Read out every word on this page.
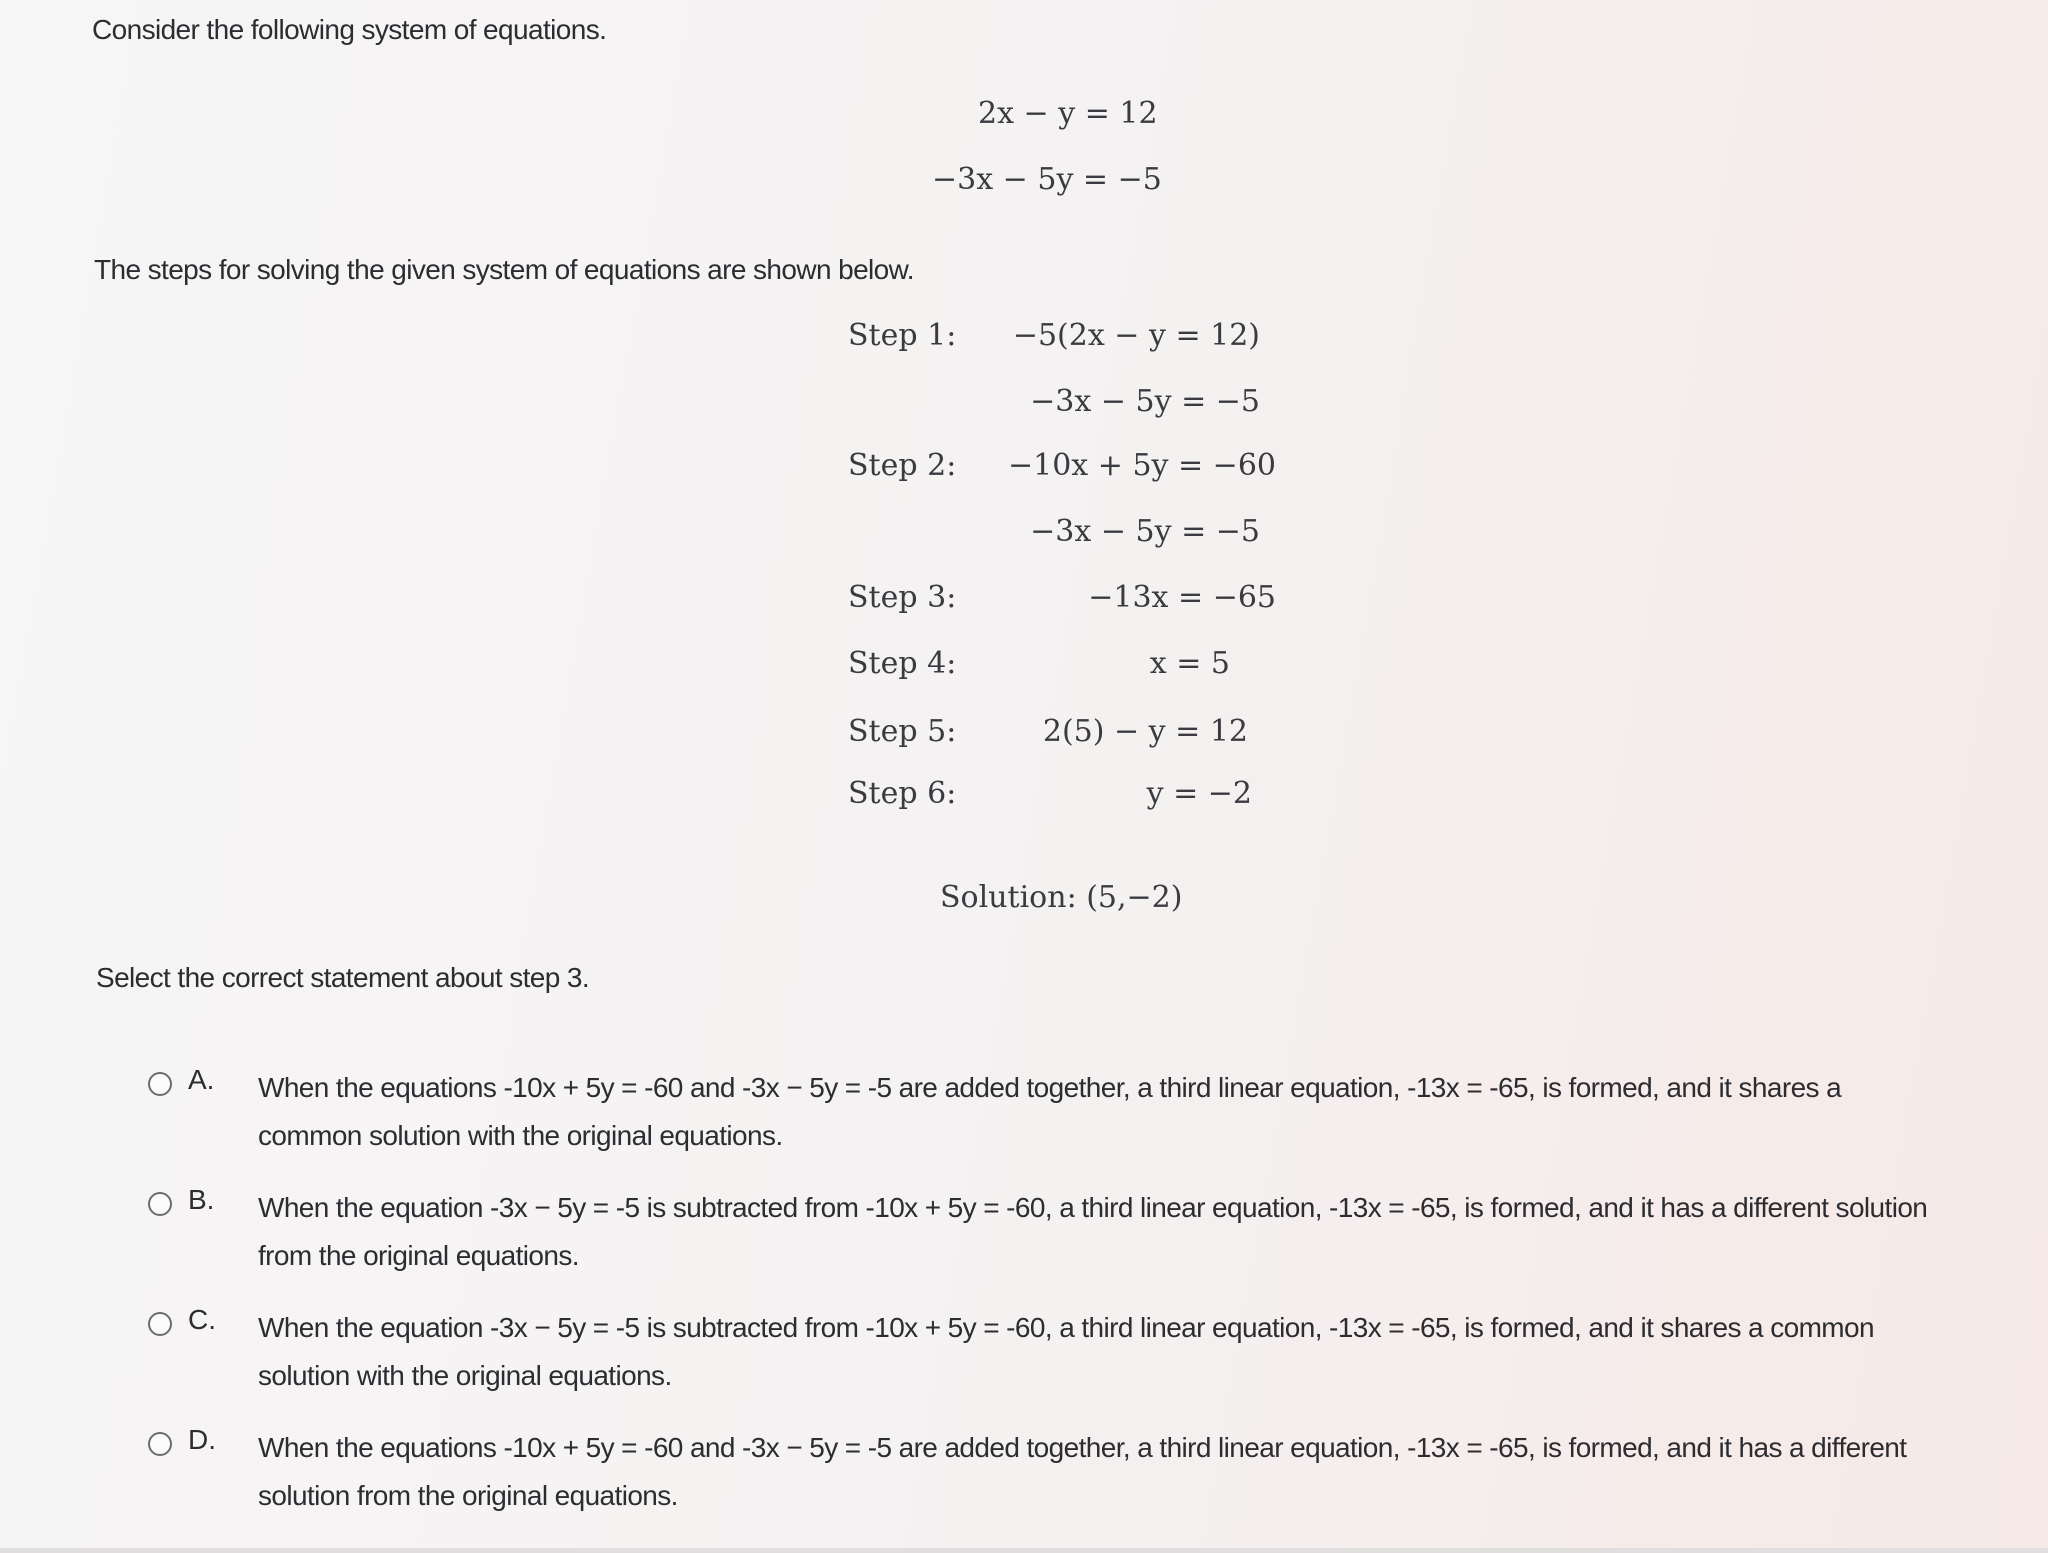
Consider the following system of equations.
2x − y = 12
−3x − 5y = −5
The steps for solving the given system of equations are shown below.
Step 1:	−5(2x − y = 12)
−3x − 5y = −5
Step 2:	−10x + 5y = −60
−3x − 5y = −5
Step 3:	−13x = −65
Step 4:	x = 5
Step 5:	2(5) − y = 12
Step 6:	y = −2
Solution: (5,−2)
Select the correct statement about step 3.
A. When the equations -10x + 5y = -60 and -3x − 5y = -5 are added together, a third linear equation, -13x = -65, is formed, and it shares a common solution with the original equations.
B. When the equation -3x − 5y = -5 is subtracted from -10x + 5y = -60, a third linear equation, -13x = -65, is formed, and it has a different solution from the original equations.
C. When the equation -3x − 5y = -5 is subtracted from -10x + 5y = -60, a third linear equation, -13x = -65, is formed, and it shares a common solution with the original equations.
D. When the equations -10x + 5y = -60 and -3x − 5y = -5 are added together, a third linear equation, -13x = -65, is formed, and it has a different solution from the original equations.
